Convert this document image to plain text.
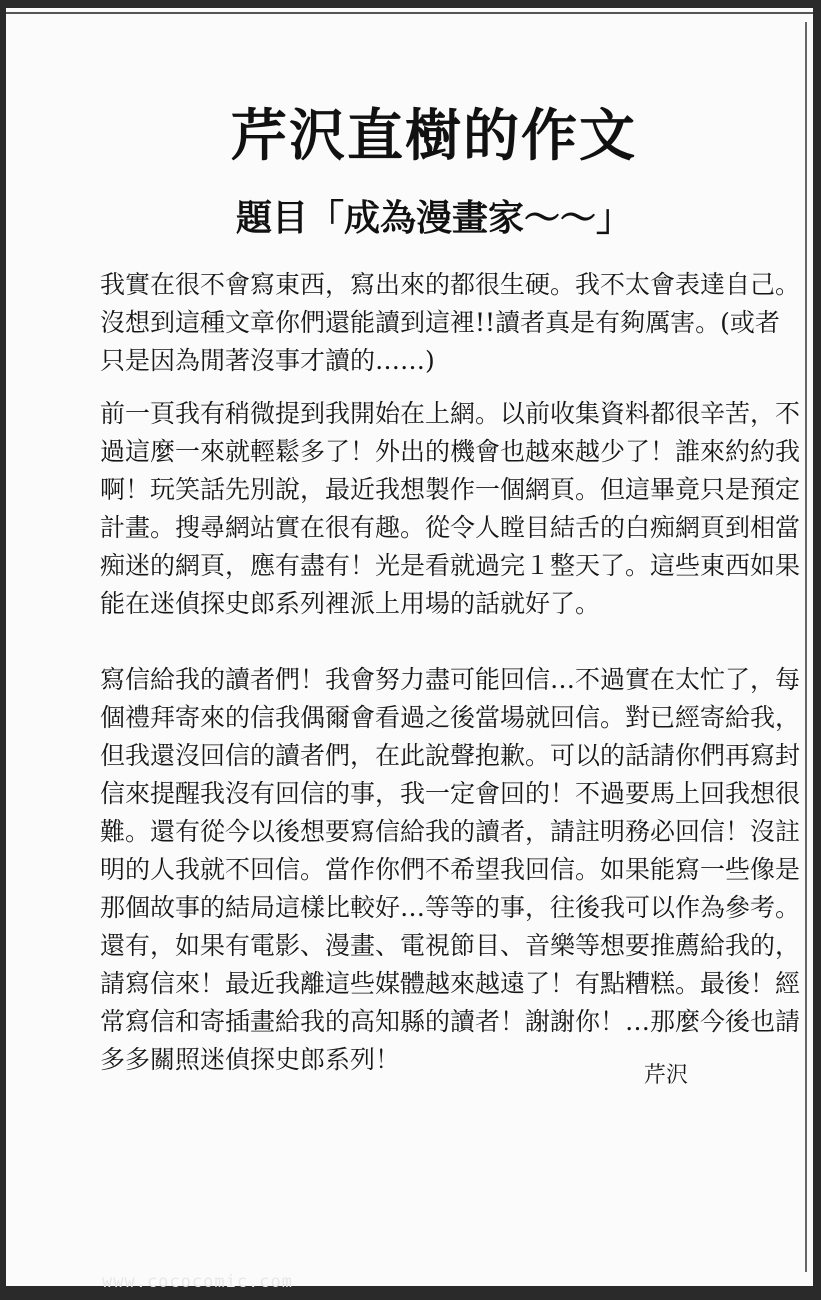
芹沢直樹的作文
題目「成為漫畫家～～」

我實在很不會寫東西，寫出來的都很生硬。我不太會表達自己。
沒想到這種文章你們還能讀到這裡!!讀者真是有夠厲害。(或者
只是因為閒著沒事才讀的……)

前一頁我有稍微提到我開始在上網。以前收集資料都很辛苦，不
過這麼一來就輕鬆多了！外出的機會也越來越少了！誰來約約我
啊！玩笑話先別說，最近我想製作一個網頁。但這畢竟只是預定
計畫。搜尋網站實在很有趣。從令人瞠目結舌的白痴網頁到相當
痴迷的網頁，應有盡有！光是看就過完１整天了。這些東西如果
能在迷偵探史郎系列裡派上用場的話就好了。

寫信給我的讀者們！我會努力盡可能回信…不過實在太忙了，每
個禮拜寄來的信我偶爾會看過之後當場就回信。對已經寄給我，
但我還沒回信的讀者們，在此說聲抱歉。可以的話請你們再寫封
信來提醒我沒有回信的事，我一定會回的！不過要馬上回我想很
難。還有從今以後想要寫信給我的讀者，請註明務必回信！沒註
明的人我就不回信。當作你們不希望我回信。如果能寫一些像是
那個故事的結局這樣比較好…等等的事，往後我可以作為參考。
還有，如果有電影、漫畫、電視節目、音樂等想要推薦給我的，
請寫信來！最近我離這些媒體越來越遠了！有點糟糕。最後！經
常寫信和寄插畫給我的高知縣的讀者！謝謝你！…那麼今後也請
多多關照迷偵探史郎系列！

芹沢

www.cococomic.com
